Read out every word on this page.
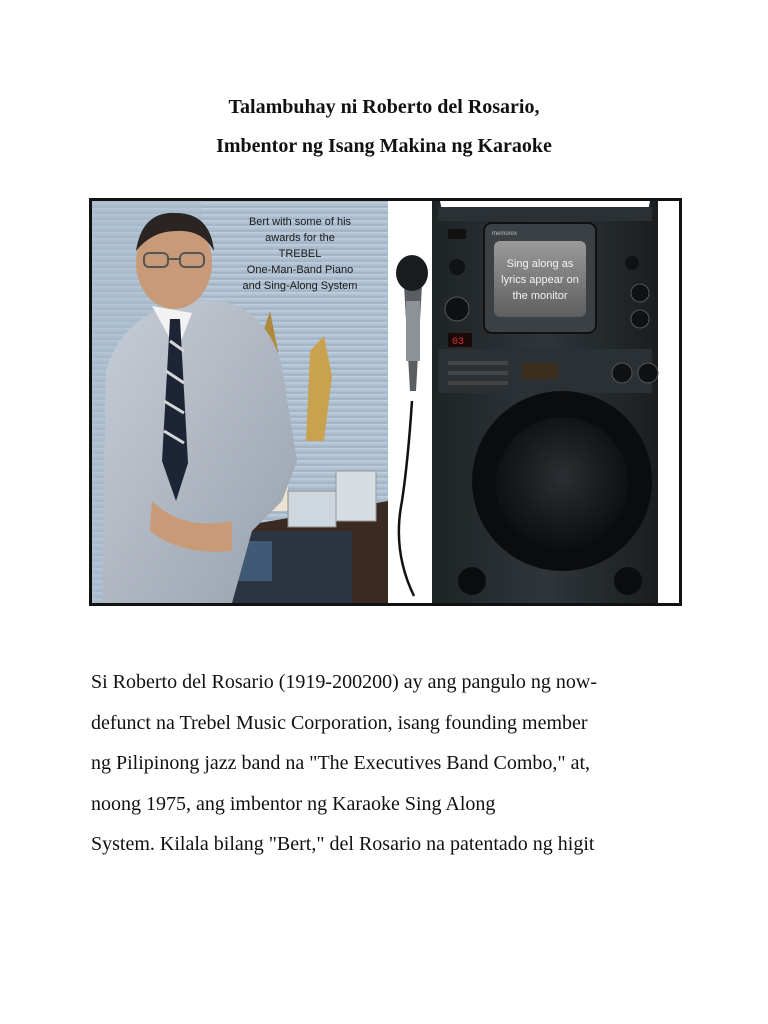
Talambuhay ni Roberto del Rosario,
Imbentor ng Isang Makina ng Karaoke
Bert with some of his
awards for the
TREBEL
One-Man-Band Piano
and Sing-Along System
memorex
Sing along as
lyrics appear on
the monitor
03

Si Roberto del Rosario (1919-200200) ay ang pangulo ng now-
defunct na Trebel Music Corporation, isang founding member
ng Pilipinong jazz band na "The Executives Band Combo," at,
noong 1975, ang imbentor ng Karaoke Sing Along
System. Kilala bilang "Bert," del Rosario na patentado ng higit
